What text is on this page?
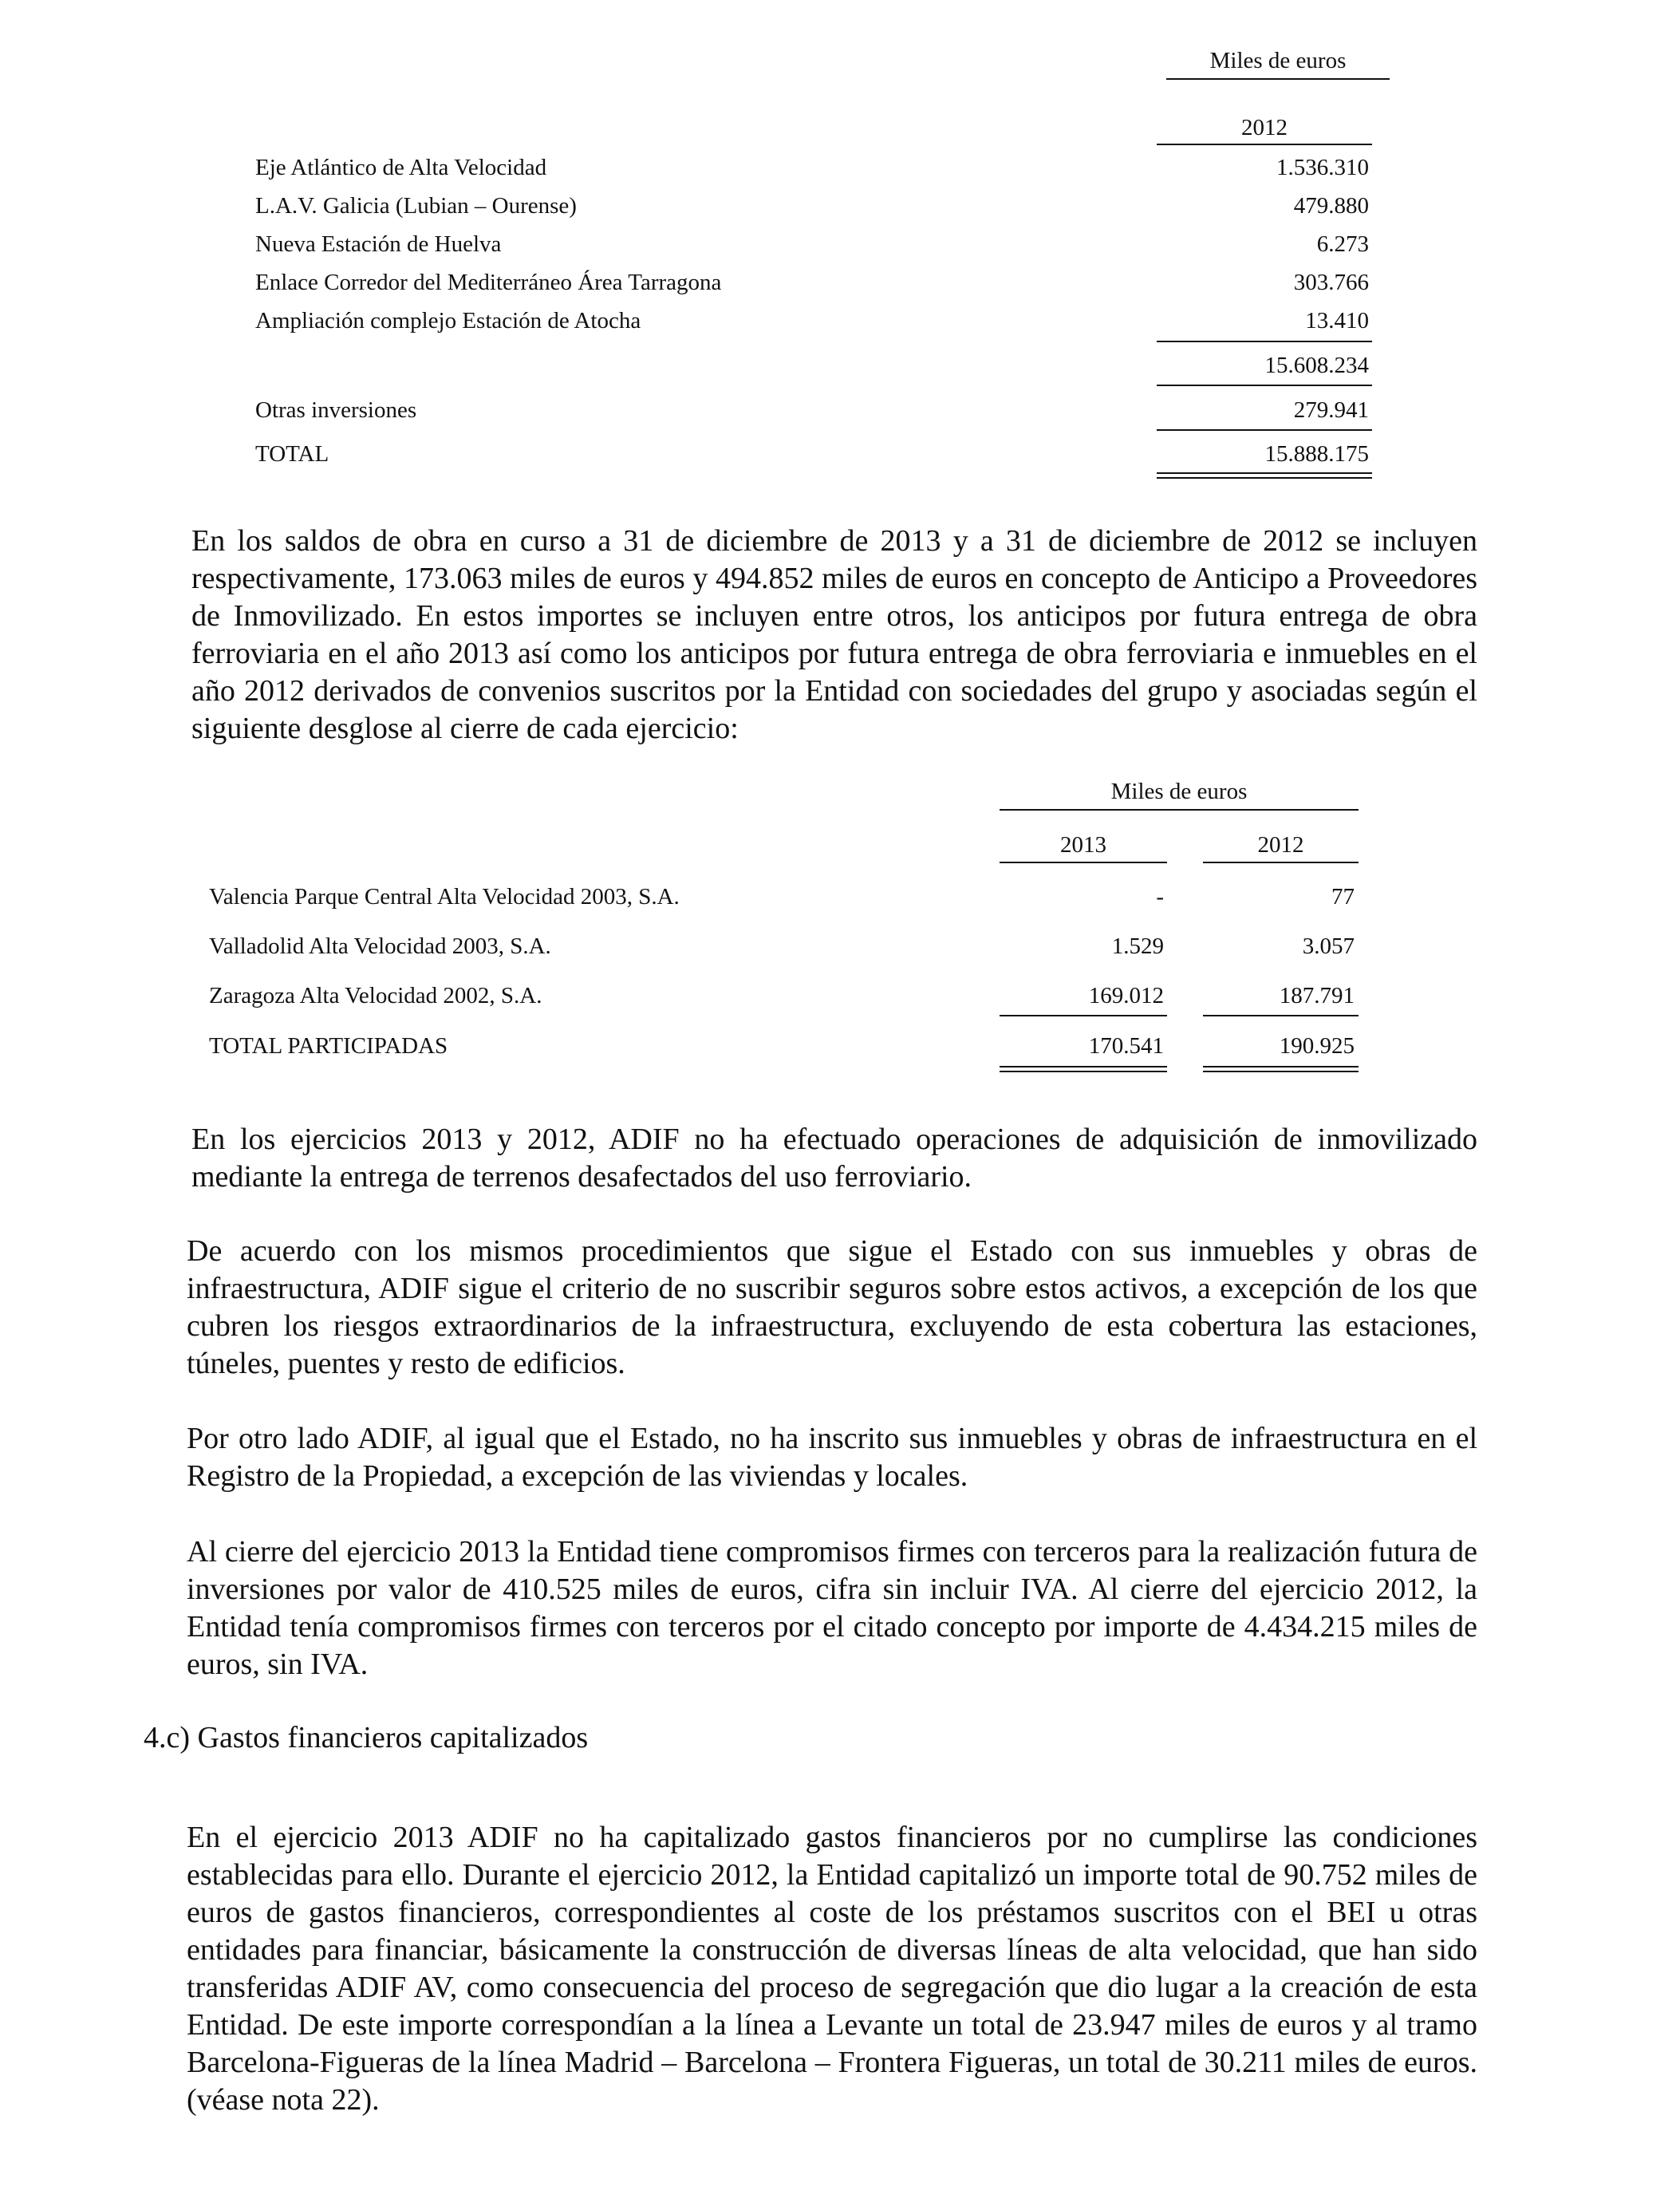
Miles de euros
2012
Eje Atlántico de Alta Velocidad	1.536.310
L.A.V. Galicia (Lubian – Ourense)	479.880
Nueva Estación de Huelva	6.273
Enlace Corredor del Mediterráneo Área Tarragona	303.766
Ampliación complejo Estación de Atocha	13.410
15.608.234
Otras inversiones	279.941
TOTAL	15.888.175
En los saldos de obra en curso a 31 de diciembre de 2013 y a 31 de diciembre de 2012 se incluyen respectivamente, 173.063 miles de euros y 494.852 miles de euros en concepto de Anticipo a Proveedores de Inmovilizado. En estos importes se incluyen entre otros, los anticipos por futura entrega de obra ferroviaria en el año 2013 así como los anticipos por futura entrega de obra ferroviaria e inmuebles en el año 2012 derivados de convenios suscritos por la Entidad con sociedades del grupo y asociadas según el siguiente desglose al cierre de cada ejercicio:
Miles de euros
2013	2012
Valencia Parque Central Alta Velocidad 2003, S.A.	-	77
Valladolid Alta Velocidad 2003, S.A.	1.529	3.057
Zaragoza Alta Velocidad 2002, S.A.	169.012	187.791
TOTAL PARTICIPADAS	170.541	190.925
En los ejercicios 2013 y 2012, ADIF no ha efectuado operaciones de adquisición de inmovilizado mediante la entrega de terrenos desafectados del uso ferroviario.
De acuerdo con los mismos procedimientos que sigue el Estado con sus inmuebles y obras de infraestructura, ADIF sigue el criterio de no suscribir seguros sobre estos activos, a excepción de los que cubren los riesgos extraordinarios de la infraestructura, excluyendo de esta cobertura las estaciones, túneles, puentes y resto de edificios.
Por otro lado ADIF, al igual que el Estado, no ha inscrito sus inmuebles y obras de infraestructura en el Registro de la Propiedad, a excepción de las viviendas y locales.
Al cierre del ejercicio 2013 la Entidad tiene compromisos firmes con terceros para la realización futura de inversiones por valor de 410.525 miles de euros, cifra sin incluir IVA. Al cierre del ejercicio 2012, la Entidad tenía compromisos firmes con terceros por el citado concepto por importe de 4.434.215 miles de euros, sin IVA.
4.c) Gastos financieros capitalizados
En el ejercicio 2013 ADIF no ha capitalizado gastos financieros por no cumplirse las condiciones establecidas para ello. Durante el ejercicio 2012, la Entidad capitalizó un importe total de 90.752 miles de euros de gastos financieros, correspondientes al coste de los préstamos suscritos con el BEI u otras entidades para financiar, básicamente la construcción de diversas líneas de alta velocidad, que han sido transferidas ADIF AV, como consecuencia del proceso de segregación que dio lugar a la creación de esta Entidad. De este importe correspondían a la línea a Levante un total de 23.947 miles de euros y al tramo Barcelona-Figueras de la línea Madrid – Barcelona – Frontera Figueras, un total de 30.211 miles de euros. (véase nota 22).
